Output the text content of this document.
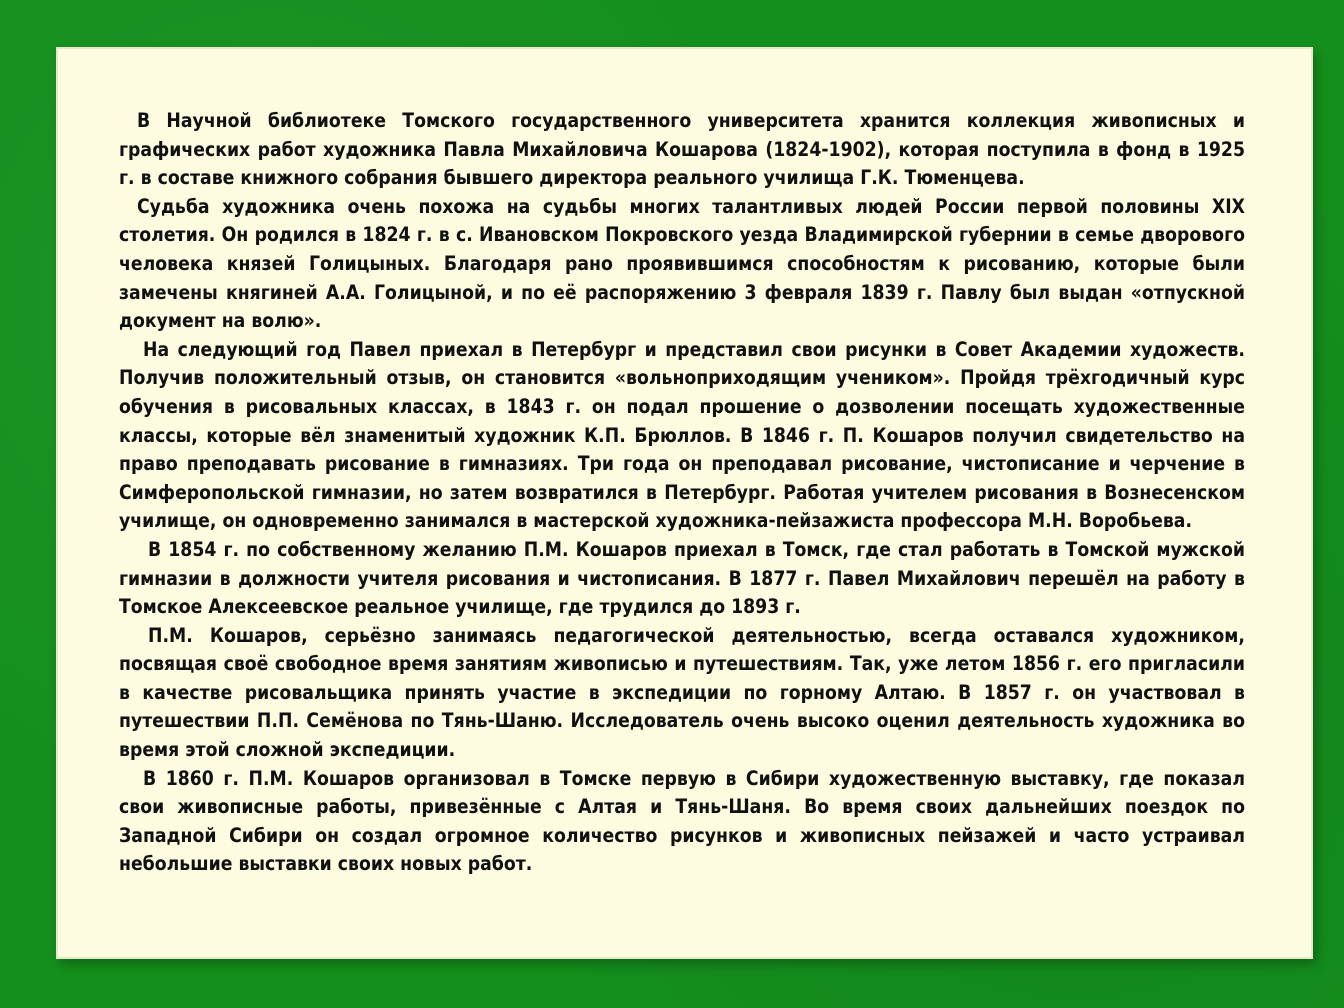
В Научной библиотеке Томского государственного университета хранится коллекция живописных и графических работ художника Павла Михайловича Кошарова (1824-1902), которая поступила в фонд в 1925 г. в составе книжного собрания бывшего директора реального училища Г.К. Тюменцева.

Судьба художника очень похожа на судьбы многих талантливых людей России первой половины XIX столетия. Он родился в 1824 г. в с. Ивановском Покровского уезда Владимирской губернии в семье дворового человека князей Голицыных. Благодаря рано проявившимся способностям к рисованию, которые были замечены княгиней А.А. Голицыной, и по её распоряжению 3 февраля 1839 г. Павлу был выдан «отпускной документ на волю».

На следующий год Павел приехал в Петербург и представил свои рисунки в Совет Академии художеств. Получив положительный отзыв, он становится «вольноприходящим учеником». Пройдя трёхгодичный курс обучения в рисовальных классах, в 1843 г. он подал прошение о дозволении посещать художественные классы, которые вёл знаменитый художник К.П. Брюллов. В 1846 г. П. Кошаров получил свидетельство на право преподавать рисование в гимназиях. Три года он преподавал рисование, чистописание и черчение в Симферопольской гимназии, но затем возвратился в Петербург. Работая учителем рисования в Вознесенском училище, он одновременно занимался в мастерской художника-пейзажиста профессора М.Н. Воробьева.

В 1854 г. по собственному желанию П.М. Кошаров приехал в Томск, где стал работать в Томской мужской гимназии в должности учителя рисования и чистописания. В 1877 г. Павел Михайлович перешёл на работу в Томское Алексеевское реальное училище, где трудился до 1893 г.

П.М. Кошаров, серьёзно занимаясь педагогической деятельностью, всегда оставался художником, посвящая своё свободное время занятиям живописью и путешествиям. Так, уже летом 1856 г. его пригласили в качестве рисовальщика принять участие в экспедиции по горному Алтаю. В 1857 г. он участвовал в путешествии П.П. Семёнова по Тянь-Шаню. Исследователь очень высоко оценил деятельность художника во время этой сложной экспедиции.

В 1860 г. П.М. Кошаров организовал в Томске первую в Сибири художественную выставку, где показал свои живописные работы, привезённые с Алтая и Тянь-Шаня. Во время своих дальнейших поездок по Западной Сибири он создал огромное количество рисунков и живописных пейзажей и часто устраивал небольшие выставки своих новых работ.
